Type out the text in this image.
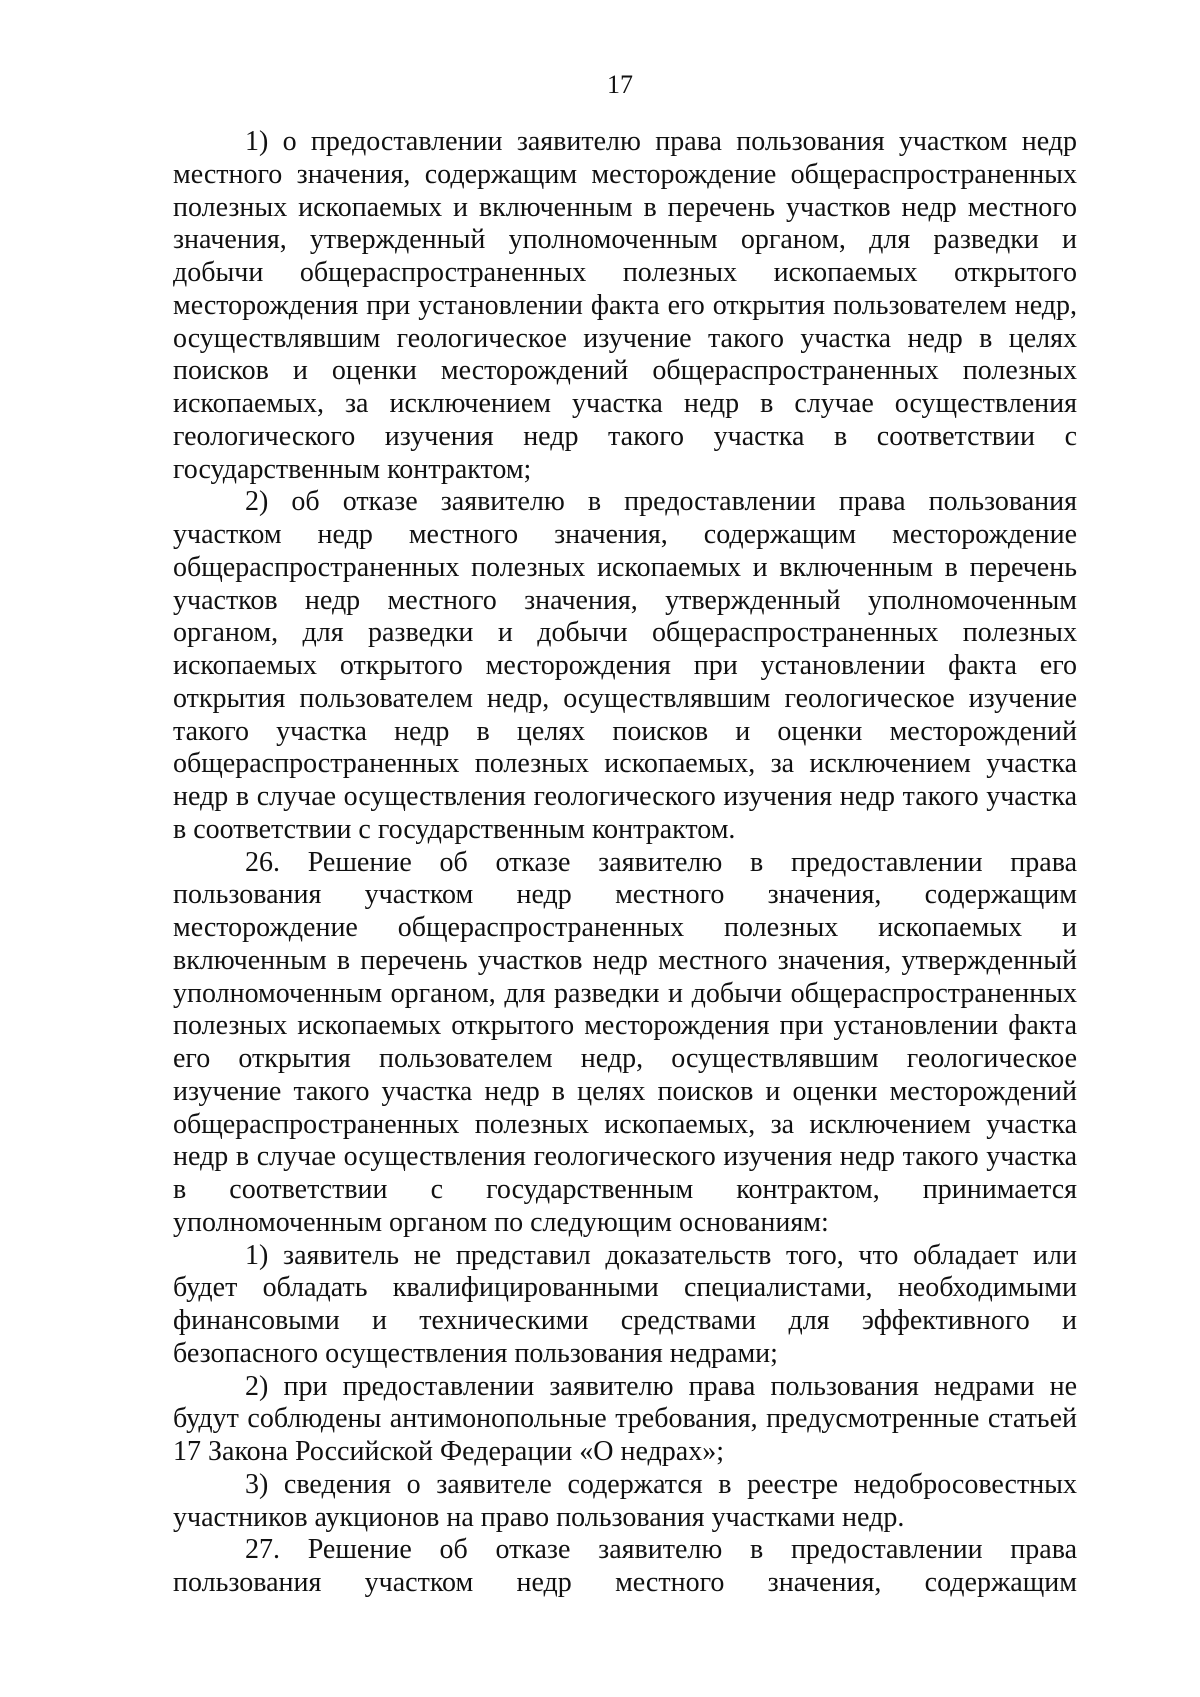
17

1) о предоставлении заявителю права пользования участком недр местного значения, содержащим месторождение общераспространенных полезных ископаемых и включенным в перечень участков недр местного значения, утвержденный уполномоченным органом, для разведки и добычи общераспространенных полезных ископаемых открытого месторождения при установлении факта его открытия пользователем недр, осуществлявшим геологическое изучение такого участка недр в целях поисков и оценки месторождений общераспространенных полезных ископаемых, за исключением участка недр в случае осуществления геологического изучения недр такого участка в соответствии с государственным контрактом;

2) об отказе заявителю в предоставлении права пользования участком недр местного значения, содержащим месторождение общераспространенных полезных ископаемых и включенным в перечень участков недр местного значения, утвержденный уполномоченным органом, для разведки и добычи общераспространенных полезных ископаемых открытого месторождения при установлении факта его открытия пользователем недр, осуществлявшим геологическое изучение такого участка недр в целях поисков и оценки месторождений общераспространенных полезных ископаемых, за исключением участка недр в случае осуществления геологического изучения недр такого участка в соответствии с государственным контрактом.

26. Решение об отказе заявителю в предоставлении права пользования участком недр местного значения, содержащим месторождение общераспространенных полезных ископаемых и включенным в перечень участков недр местного значения, утвержденный уполномоченным органом, для разведки и добычи общераспространенных полезных ископаемых открытого месторождения при установлении факта его открытия пользователем недр, осуществлявшим геологическое изучение такого участка недр в целях поисков и оценки месторождений общераспространенных полезных ископаемых, за исключением участка недр в случае осуществления геологического изучения недр такого участка в соответствии с государственным контрактом, принимается уполномоченным органом по следующим основаниям:

1) заявитель не представил доказательств того, что обладает или будет обладать квалифицированными специалистами, необходимыми финансовыми и техническими средствами для эффективного и безопасного осуществления пользования недрами;

2) при предоставлении заявителю права пользования недрами не будут соблюдены антимонопольные требования, предусмотренные статьей 17 Закона Российской Федерации «О недрах»;

3) сведения о заявителе содержатся в реестре недобросовестных участников аукционов на право пользования участками недр.

27. Решение об отказе заявителю в предоставлении права пользования участком недр местного значения, содержащим
